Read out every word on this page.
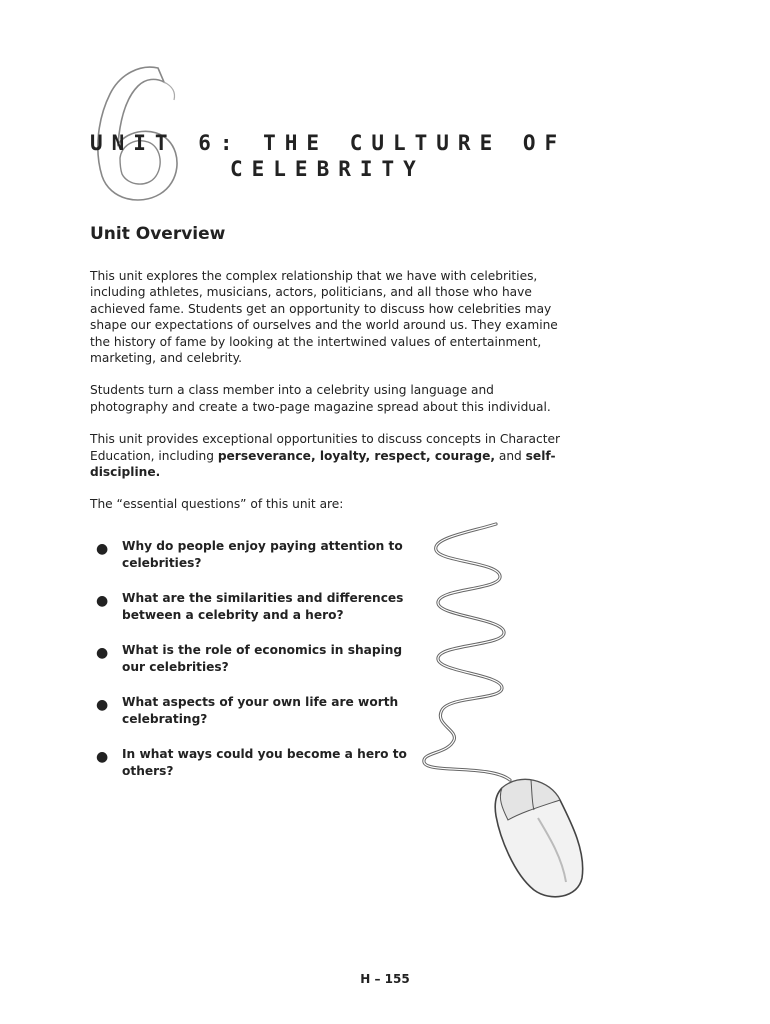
UNIT 6: THE CULTURE OF
CELEBRITY
Unit Overview

This unit explores the complex relationship that we have with celebrities, including athletes, musicians, actors, politicians, and all those who have achieved fame. Students get an opportunity to discuss how celebrities may shape our expectations of ourselves and the world around us. They examine the history of fame by looking at the intertwined values of entertainment, marketing, and celebrity.

Students turn a class member into a celebrity using language and photography and create a two-page magazine spread about this individual.

This unit provides exceptional opportunities to discuss concepts in Character Education, including perseverance, loyalty, respect, courage, and self-discipline.

The “essential questions” of this unit are:

● Why do people enjoy paying attention to celebrities?
● What are the similarities and differences between a celebrity and a hero?
● What is the role of economics in shaping our celebrities?
● What aspects of your own life are worth celebrating?
● In what ways could you become a hero to others?
H – 155
